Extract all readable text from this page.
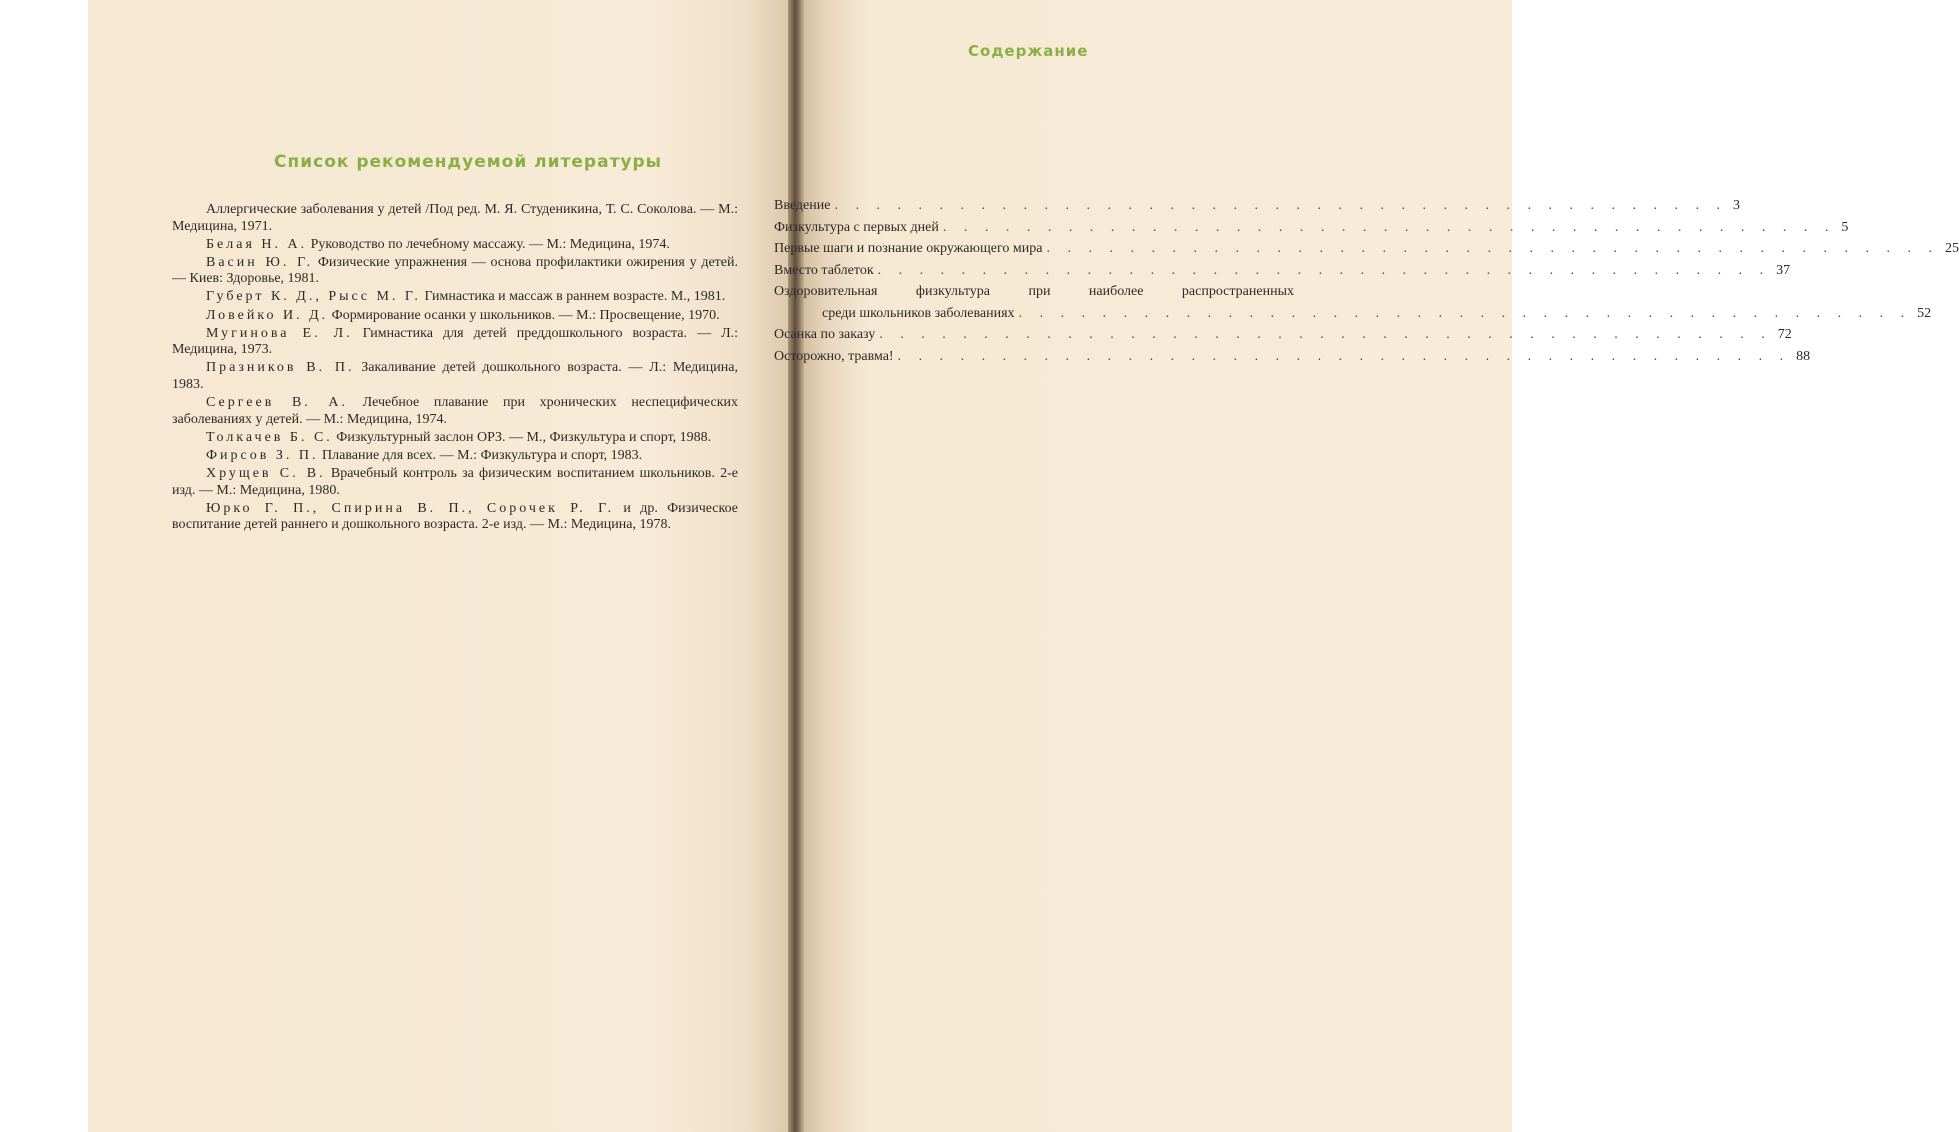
Список рекомендуемой литературы

Аллергические заболевания у детей /Под ред. М. Я. Студеникина, Т. С. Соколова. — М.: Медицина, 1971.

Белая Н. А. Руководство по лечебному массажу. — М.: Медицина, 1974.

Васин Ю. Г. Физические упражнения — основа профилактики ожирения у детей. — Киев: Здоровье, 1981.

Губерт К. Д., Рысс М. Г. Гимнастика и массаж в раннем возрасте. М., 1981.

Ловейко И. Д. Формирование осанки у школьников. — М.: Просвещение, 1970.

Мугинова Е. Л. Гимнастика для детей преддошкольного возраста. — Л.: Медицина, 1973.

Празников В. П. Закаливание детей дошкольного возраста. — Л.: Медицина, 1983.

Сергеев В. А. Лечебное плавание при хронических неспецифических заболеваниях у детей. — М.: Медицина, 1974.

Толкачев Б. С. Физкультурный заслон ОРЗ. — М., Физкультура и спорт, 1988.

Фирсов З. П. Плавание для всех. — М.: Физкультура и спорт, 1983.

Хрущев С. В. Врачебный контроль за физическим воспитанием школьников. 2-е изд. — М.: Медицина, 1980.

Юрко Г. П., Спирина В. П., Сорочек Р. Г. и др. Физическое воспитание детей раннего и дошкольного возраста. 2-е изд. — М.: Медицина, 1978.

Содержание
Введение . . . . . . . . . . . . . . . . . . . . . . . . . . . . . . . . . . . . . . . . . . . 3
Физкультура с первых дней . . . . . . . . . . . . . . . . . . . . . . . . . . . . . . . . . . . . . . . . . . . 5
Первые шаги и познание окружающего мира . . . . . . . . . . . . . . . . . . . . . . . . . . . . . . . . . . . . . . . . . . . 25
Вместо таблеток . . . . . . . . . . . . . . . . . . . . . . . . . . . . . . . . . . . . . . . . . . . 37
Оздоровительная физкультура при наиболее распространенных
среди школьников заболеваниях . . . . . . . . . . . . . . . . . . . . . . . . . . . . . . . . . . . . . . . . . . . 52
Осанка по заказу . . . . . . . . . . . . . . . . . . . . . . . . . . . . . . . . . . . . . . . . . . . 72
Осторожно, травма! . . . . . . . . . . . . . . . . . . . . . . . . . . . . . . . . . . . . . . . . . . . 88
